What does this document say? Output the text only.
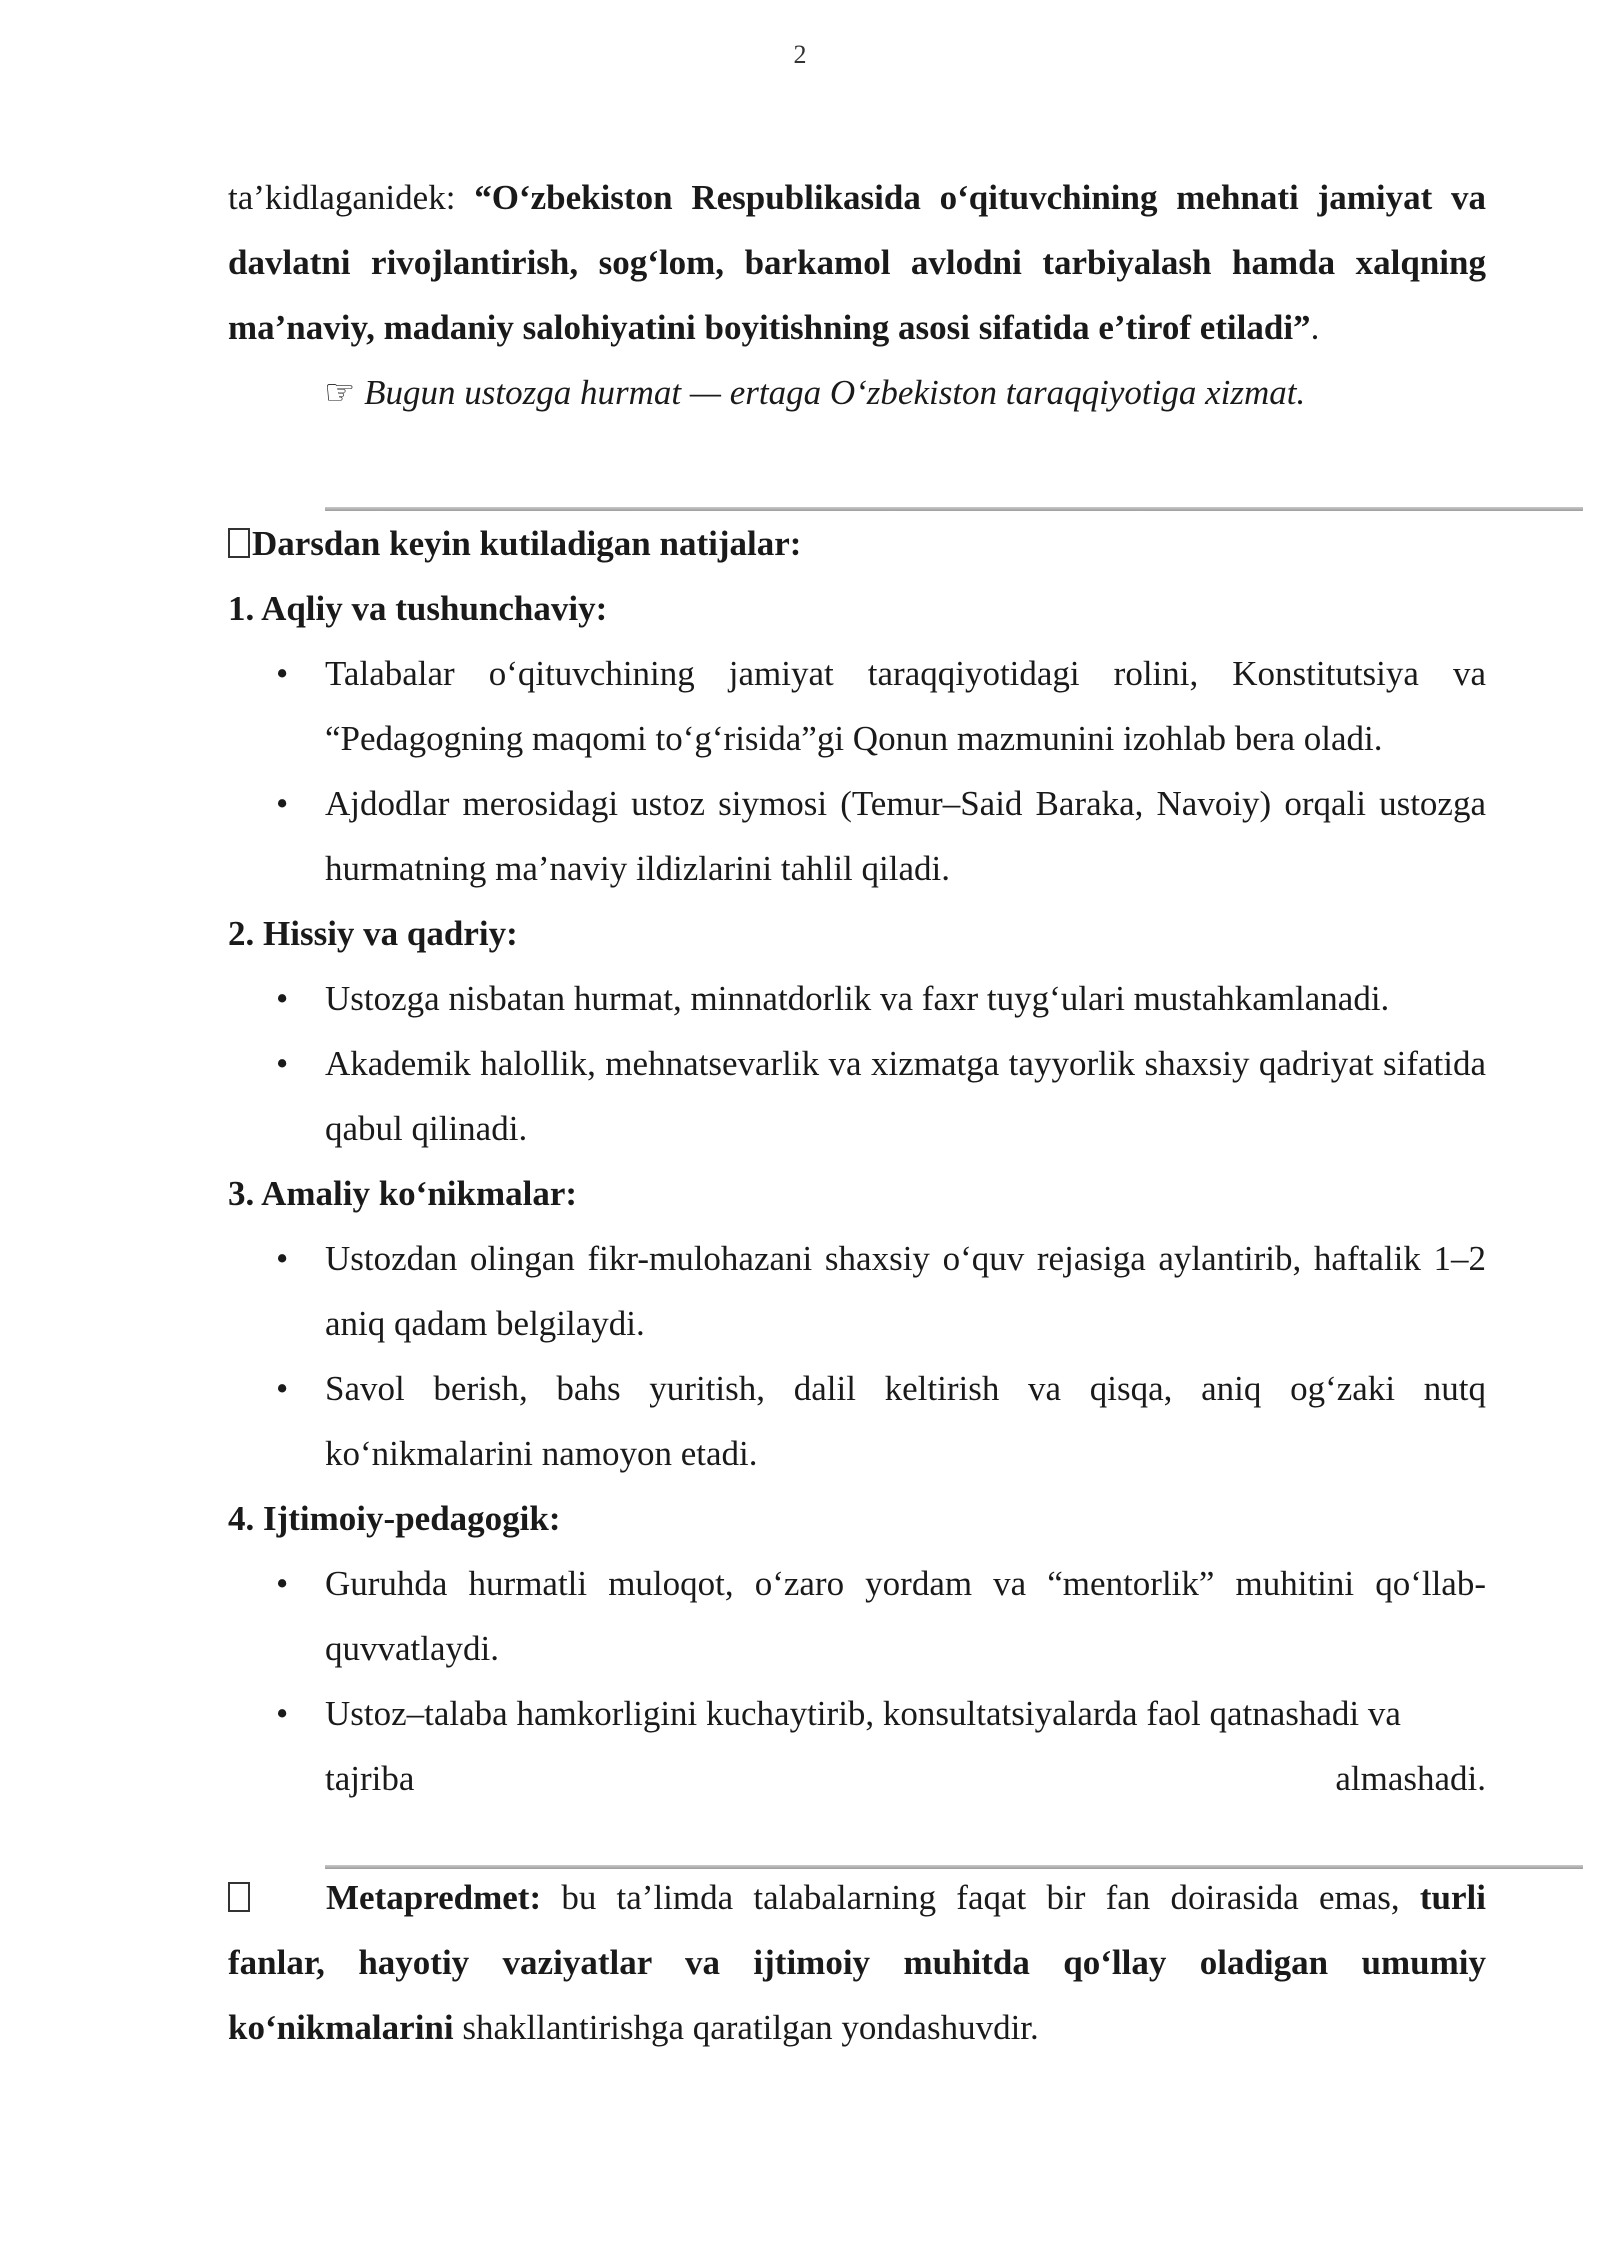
2

ta’kidlaganidek: “O‘zbekiston Respublikasida o‘qituvchining mehnati jamiyat va davlatni rivojlantirish, sog‘lom, barkamol avlodni tarbiyalash hamda xalqning ma’naviy, madaniy salohiyatini boyitishning asosi sifatida e’tirof etiladi”.

☞ Bugun ustozga hurmat — ertaga O‘zbekiston taraqqiyotiga xizmat.

Darsdan keyin kutiladigan natijalar:

1. Aqliy va tushunchaviy:

• Talabalar o‘qituvchining jamiyat taraqqiyotidagi rolini, Konstitutsiya va “Pedagogning maqomi to‘g‘risida”gi Qonun mazmunini izohlab bera oladi.
• Ajdodlar merosidagi ustoz siymosi (Temur–Said Baraka, Navoiy) orqali ustozga hurmatning ma’naviy ildizlarini tahlil qiladi.

2. Hissiy va qadriy:

• Ustozga nisbatan hurmat, minnatdorlik va faxr tuyg‘ulari mustahkamlanadi.
• Akademik halollik, mehnatsevarlik va xizmatga tayyorlik shaxsiy qadriyat sifatida qabul qilinadi.

3. Amaliy ko‘nikmalar:

• Ustozdan olingan fikr-mulohazani shaxsiy o‘quv rejasiga aylantirib, haftalik 1–2 aniq qadam belgilaydi.
• Savol berish, bahs yuritish, dalil keltirish va qisqa, aniq og‘zaki nutq ko‘nikmalarini namoyon etadi.

4. Ijtimoiy-pedagogik:

• Guruhda hurmatli muloqot, o‘zaro yordam va “mentorlik” muhitini qo‘llab-quvvatlaydi.
• Ustoz–talaba hamkorligini kuchaytirib, konsultatsiyalarda faol qatnashadi va
tajriba	almashadi.

Metapredmet: bu ta’limda talabalarning faqat bir fan doirasida emas, turli fanlar, hayotiy vaziyatlar va ijtimoiy muhitda qo‘llay oladigan umumiy ko‘nikmalarini shakllantirishga qaratilgan yondashuvdir.
